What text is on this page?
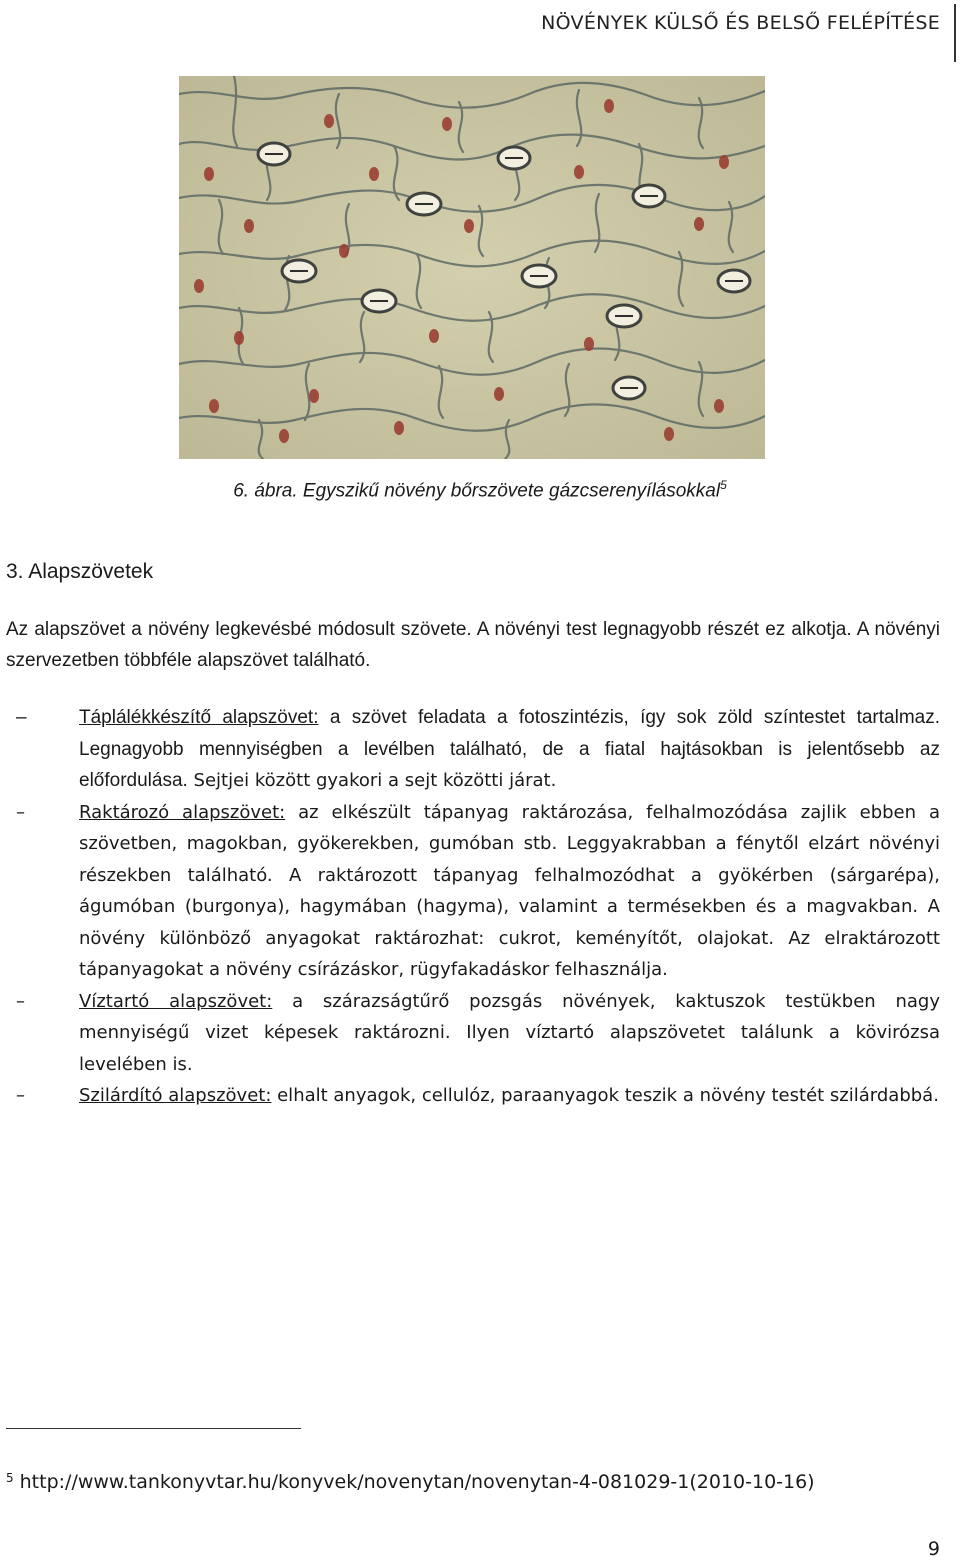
NÖVÉNYEK KÜLSŐ ÉS BELSŐ FELÉPÍTÉSE
6. ábra. Egyszikű növény bőrszövete gázcserenyílásokkal$^5$
3. Alapszövetek
Az alapszövet a növény legkevésbé módosult szövete. A növényi test legnagyobb részét ez alkotja. A növényi szervezetben többféle alapszövet található.
–	Táplálékkészítő alapszövet: a szövet feladata a fotoszintézis, így sok zöld színtestet tartalmaz. Legnagyobb mennyiségben a levélben található, de a fiatal hajtásokban is jelentősebb az előfordulása. Sejtjei között gyakori a sejt közötti járat.
–	Raktározó alapszövet: az elkészült tápanyag raktározása, felhalmozódása zajlik ebben a szövetben, magokban, gyökerekben, gumóban stb. Leggyakrabban a fénytől elzárt növényi részekben található. A raktározott tápanyag felhalmozódhat a gyökérben (sárgarépa), águmóban (burgonya), hagymában (hagyma), valamint a termésekben és a magvakban. A növény különböző anyagokat raktározhat: cukrot, keményítőt, olajokat. Az elraktározott tápanyagokat a növény csírázáskor, rügyfakadáskor felhasználja.
–	Víztartó alapszövet: a szárazságtűrő pozsgás növények, kaktuszok testükben nagy mennyiségű vizet képesek raktározni. Ilyen víztartó alapszövetet találunk a kövirózsa levelében is.
–	Szilárdító alapszövet: elhalt anyagok, cellulóz, paraanyagok teszik a növény testét szilárdabbá.
$^5$ http://www.tankonyvtar.hu/konyvek/novenytan/novenytan-4-081029-1(2010-10-16)
9
